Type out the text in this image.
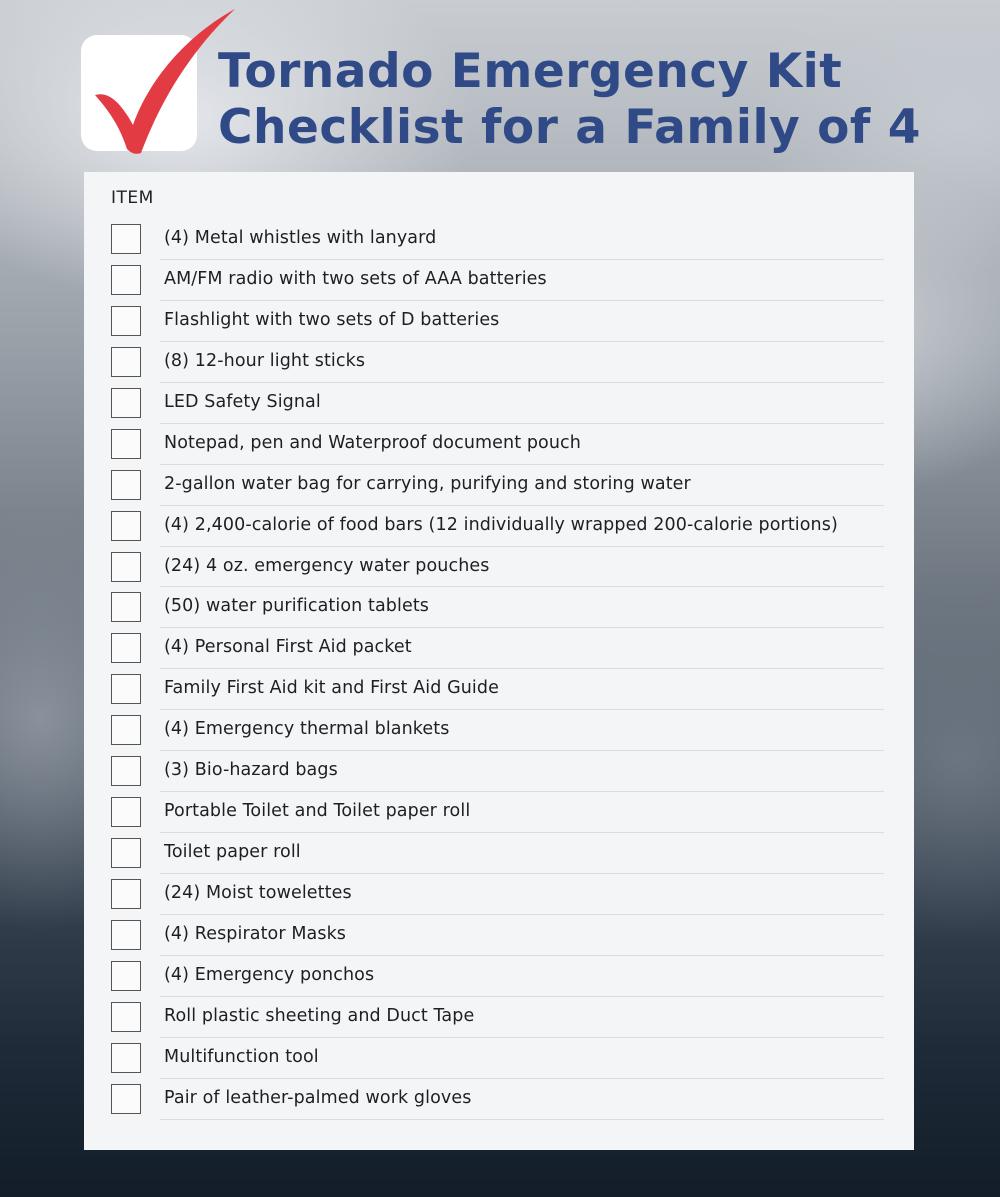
Tornado Emergency Kit
Checklist for a Family of 4
ITEM
(4) Metal whistles with lanyard
AM/FM radio with two sets of AAA batteries
Flashlight with two sets of D batteries
(8) 12-hour light sticks
LED Safety Signal
Notepad, pen and Waterproof document pouch
2-gallon water bag for carrying, purifying and storing water
(4) 2,400-calorie of food bars (12 individually wrapped 200-calorie portions)
(24) 4 oz. emergency water pouches
(50) water purification tablets
(4) Personal First Aid packet
Family First Aid kit and First Aid Guide
(4) Emergency thermal blankets
(3) Bio-hazard bags
Portable Toilet and Toilet paper roll
Toilet paper roll
(24) Moist towelettes
(4) Respirator Masks
(4) Emergency ponchos
Roll plastic sheeting and Duct Tape
Multifunction tool
Pair of leather-palmed work gloves
